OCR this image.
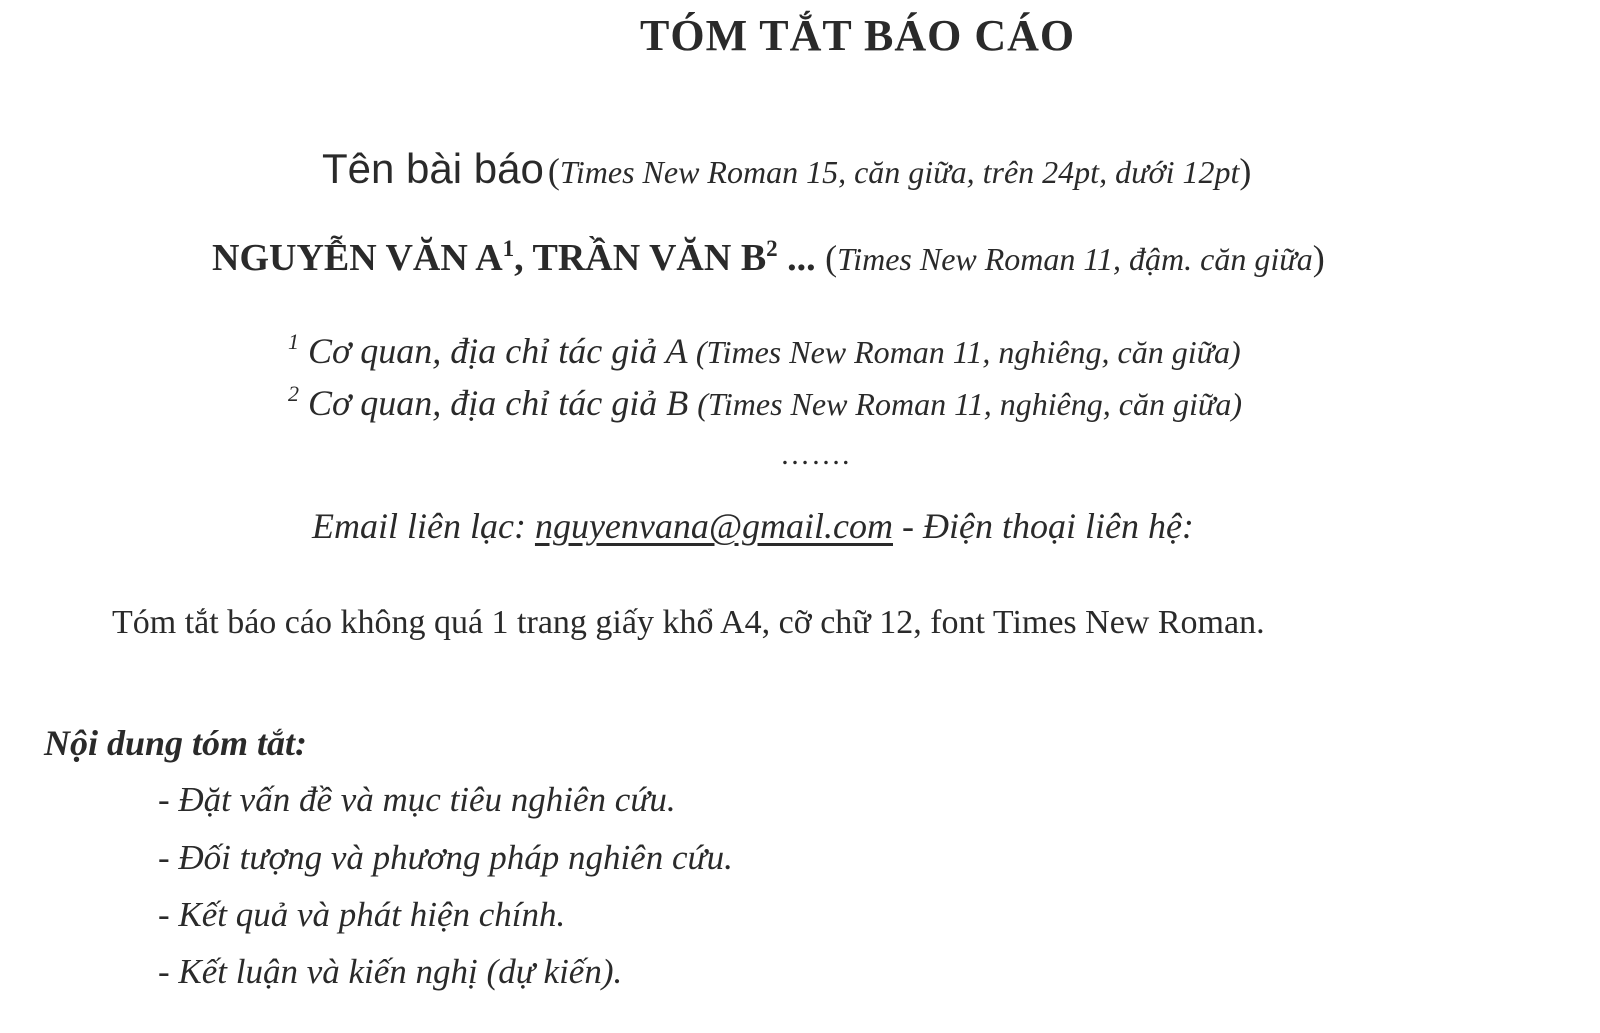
TÓM TẮT BÁO CÁO
Tên bài báo (Times New Roman 15, căn giữa, trên 24pt, dưới 12pt)
NGUYỄN VĂN $A^1$, TRẦN VĂN $B^2$ ... (Times New Roman 11, đậm. căn giữa)
$^1$ Cơ quan, địa chỉ tác giả A (Times New Roman 11, nghiêng, căn giữa)
$^2$ Cơ quan, địa chỉ tác giả B (Times New Roman 11, nghiêng, căn giữa)
…….
Email liên lạc: nguyenvana@gmail.com - Điện thoại liên hệ:
Tóm tắt báo cáo không quá 1 trang giấy khổ A4, cỡ chữ 12, font Times New Roman.
Nội dung tóm tắt:
- Đặt vấn đề và mục tiêu nghiên cứu.
- Đối tượng và phương pháp nghiên cứu.
- Kết quả và phát hiện chính.
- Kết luận và kiến nghị (dự kiến).
